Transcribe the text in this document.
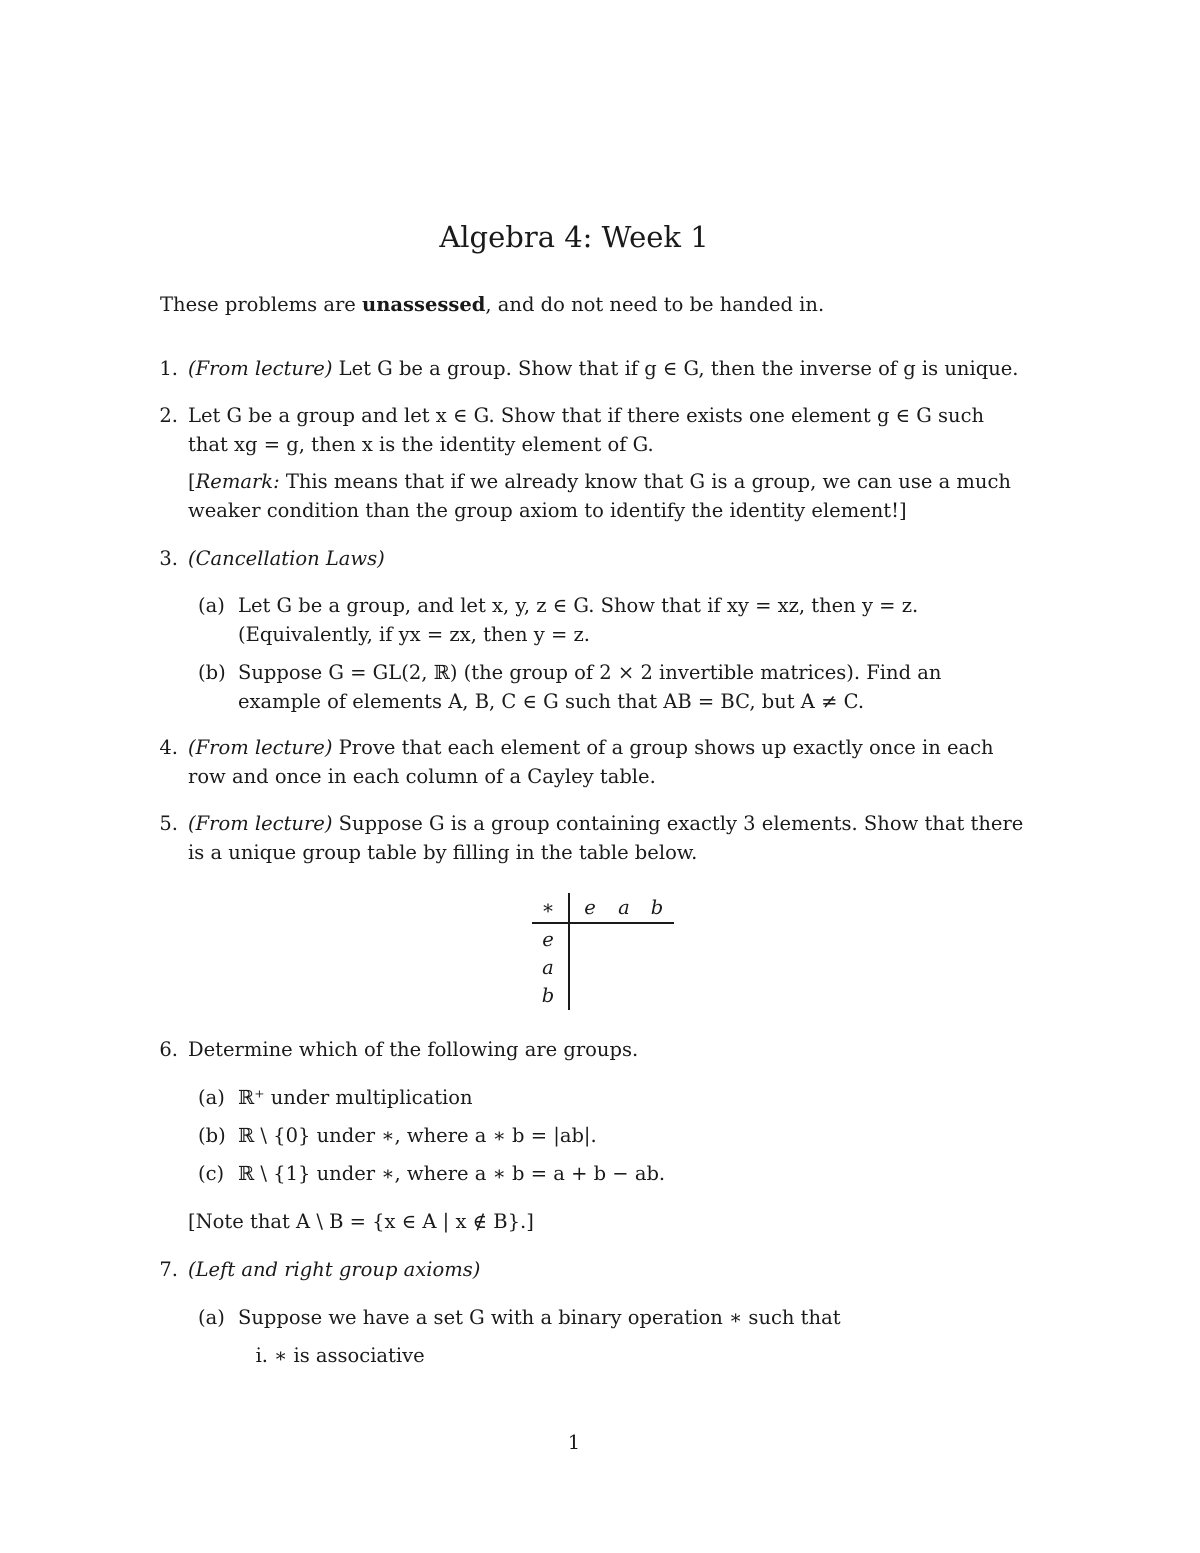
Algebra 4: Week 1
These problems are unassessed, and do not need to be handed in.
1. (From lecture) Let G be a group. Show that if g ∈ G, then the inverse of g is unique.
2. Let G be a group and let x ∈ G. Show that if there exists one element g ∈ G such
that xg = g, then x is the identity element of G.
[Remark: This means that if we already know that G is a group, we can use a much
weaker condition than the group axiom to identify the identity element!]
3. (Cancellation Laws)
(a) Let G be a group, and let x, y, z ∈ G. Show that if xy = xz, then y = z.
(Equivalently, if yx = zx, then y = z.
(b) Suppose G = GL(2, ℝ) (the group of 2 × 2 invertible matrices). Find an
example of elements A, B, C ∈ G such that AB = BC, but A ≠ C.
4. (From lecture) Prove that each element of a group shows up exactly once in each
row and once in each column of a Cayley table.
5. (From lecture) Suppose G is a group containing exactly 3 elements. Show that there
is a unique group table by filling in the table below.
∗ e a b
e
a
b
6. Determine which of the following are groups.
(a) ℝ⁺ under multiplication
(b) ℝ \ {0} under ∗, where a ∗ b = |ab|.
(c) ℝ \ {1} under ∗, where a ∗ b = a + b − ab.
[Note that A \ B = {x ∈ A | x ∉ B}.]
7. (Left and right group axioms)
(a) Suppose we have a set G with a binary operation ∗ such that
i. ∗ is associative
1
